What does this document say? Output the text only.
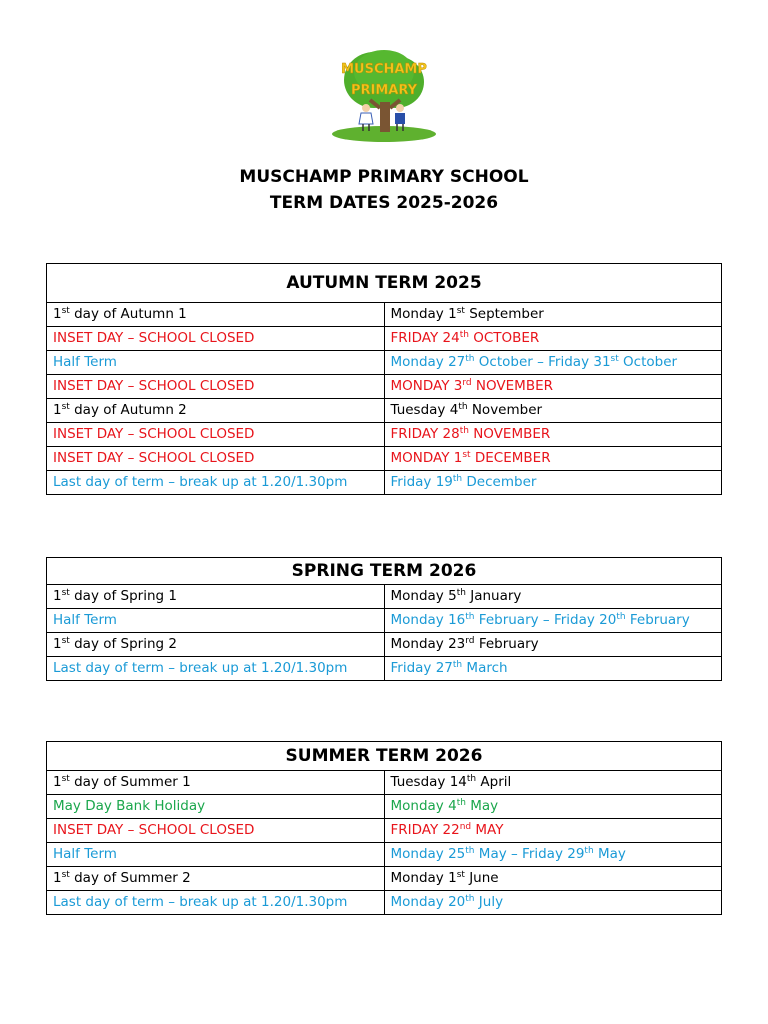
MUSCHAMP
PRIMARY
MUSCHAMP PRIMARY SCHOOL
TERM DATES 2025-2026
AUTUMN TERM 2025	
1st day of Autumn 1	Monday 1st September
INSET DAY – SCHOOL CLOSED	FRIDAY 24th OCTOBER
Half Term	Monday 27th October – Friday 31st October
INSET DAY – SCHOOL CLOSED	MONDAY 3rd NOVEMBER
1st day of Autumn 2	Tuesday 4th November
INSET DAY – SCHOOL CLOSED	FRIDAY 28th NOVEMBER
INSET DAY – SCHOOL CLOSED	MONDAY 1st DECEMBER
Last day of term – break up at 1.20/1.30pm	Friday 19th December
SPRING TERM 2026	
1st day of Spring 1	Monday 5th January
Half Term	Monday 16th February – Friday 20th February
1st day of Spring 2	Monday 23rd February
Last day of term – break up at 1.20/1.30pm	Friday 27th March
SUMMER TERM 2026	
1st day of Summer 1	Tuesday 14th April
May Day Bank Holiday	Monday 4th May
INSET DAY – SCHOOL CLOSED	FRIDAY 22nd MAY
Half Term	Monday 25th May – Friday 29th May
1st day of Summer 2	Monday 1st June
Last day of term – break up at 1.20/1.30pm	Monday 20th July
